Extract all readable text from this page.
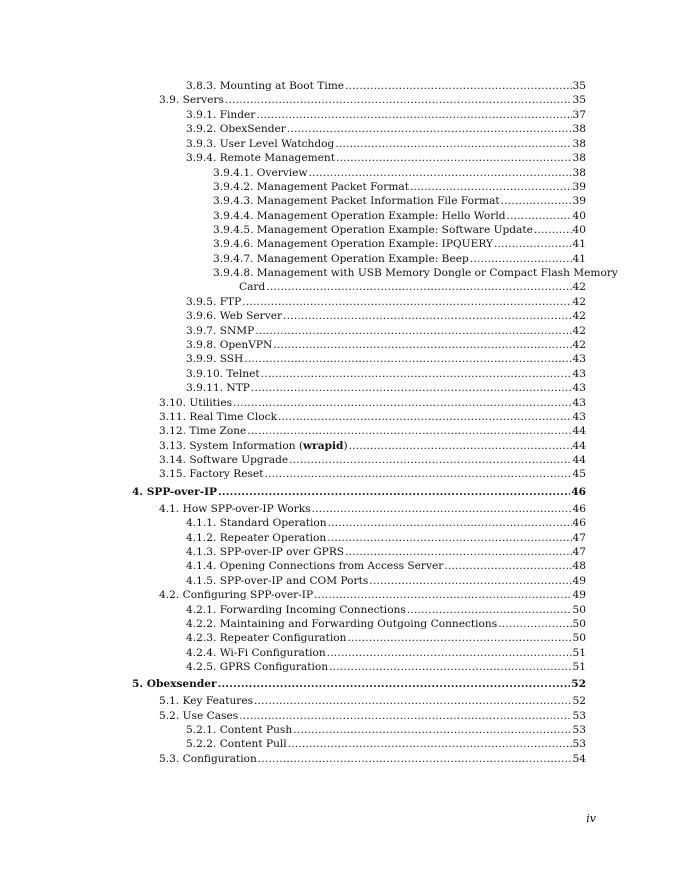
3.8.3. Mounting at Boot Time .....	35
3.9. Servers .....	35
3.9.1. Finder .....	37
3.9.2. ObexSender .....	38
3.9.3. User Level Watchdog .....	38
3.9.4. Remote Management .....	38
3.9.4.1. Overview .....	38
3.9.4.2. Management Packet Format .....	39
3.9.4.3. Management Packet Information File Format .....	39
3.9.4.4. Management Operation Example: Hello World .....	40
3.9.4.5. Management Operation Example: Software Update .....	40
3.9.4.6. Management Operation Example: IPQUERY .....	41
3.9.4.7. Management Operation Example: Beep .....	41
3.9.4.8. Management with USB Memory Dongle or Compact Flash Memory
Card .....	42
3.9.5. FTP .....	42
3.9.6. Web Server .....	42
3.9.7. SNMP .....	42
3.9.8. OpenVPN .....	42
3.9.9. SSH .....	43
3.9.10. Telnet .....	43
3.9.11. NTP .....	43
3.10. Utilities .....	43
3.11. Real Time Clock .....	43
3.12. Time Zone .....	44
3.13. System Information (wrapid) .....	44
3.14. Software Upgrade .....	44
3.15. Factory Reset .....	45
4. SPP-over-IP .....	46
4.1. How SPP-over-IP Works .....	46
4.1.1. Standard Operation .....	46
4.1.2. Repeater Operation .....	47
4.1.3. SPP-over-IP over GPRS .....	47
4.1.4. Opening Connections from Access Server .....	48
4.1.5. SPP-over-IP and COM Ports .....	49
4.2. Configuring SPP-over-IP .....	49
4.2.1. Forwarding Incoming Connections .....	50
4.2.2. Maintaining and Forwarding Outgoing Connections .....	50
4.2.3. Repeater Configuration .....	50
4.2.4. Wi-Fi Configuration .....	51
4.2.5. GPRS Configuration .....	51
5. Obexsender .....	52
5.1. Key Features .....	52
5.2. Use Cases .....	53
5.2.1. Content Push .....	53
5.2.2. Content Pull .....	53
5.3. Configuration .....	54
iv
